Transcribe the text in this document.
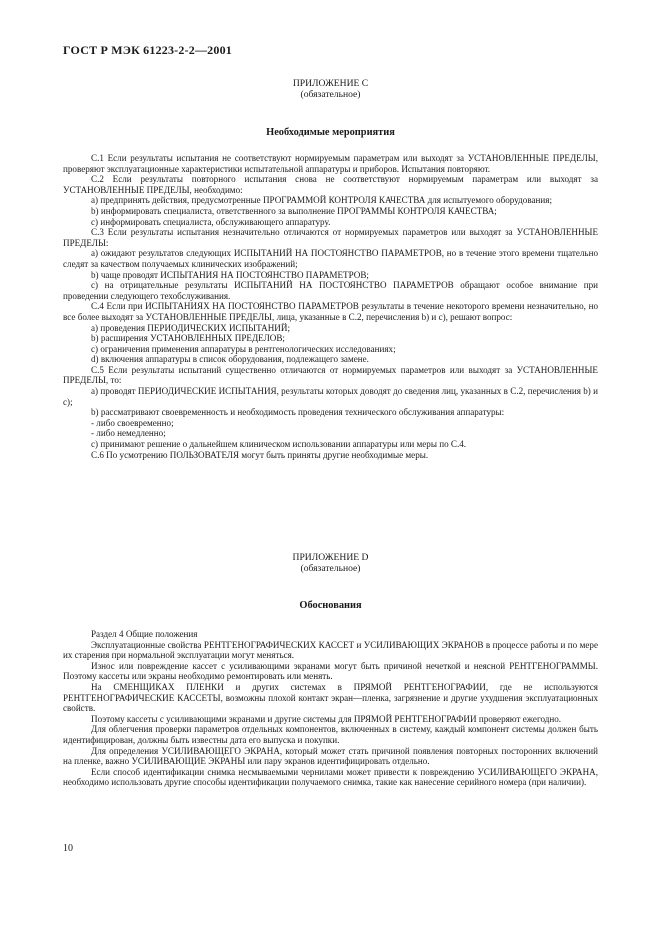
ГОСТ Р МЭК 61223-2-2—2001
ПРИЛОЖЕНИЕ С
(обязательное)
Необходимые мероприятия

С.1 Если результаты испытания не соответствуют нормируемым параметрам или выходят за УСТАНОВЛЕННЫЕ ПРЕДЕЛЫ, проверяют эксплуатационные характеристики испытательной аппаратуры и приборов. Испытания повторяют.

С.2 Если результаты повторного испытания снова не соответствуют нормируемым параметрам или выходят за УСТАНОВЛЕННЫЕ ПРЕДЕЛЫ, необходимо:

a) предпринять действия, предусмотренные ПРОГРАММОЙ КОНТРОЛЯ КАЧЕСТВА для испытуемого оборудования;

b) информировать специалиста, ответственного за выполнение ПРОГРАММЫ КОНТРОЛЯ КАЧЕСТВА;

c) информировать специалиста, обслуживающего аппаратуру.

С.3 Если результаты испытания незначительно отличаются от нормируемых параметров или выходят за УСТАНОВЛЕННЫЕ ПРЕДЕЛЫ:

a) ожидают результатов следующих ИСПЫТАНИЙ НА ПОСТОЯНСТВО ПАРАМЕТРОВ, но в течение этого времени тщательно следят за качеством получаемых клинических изображений;

b) чаще проводят ИСПЫТАНИЯ НА ПОСТОЯНСТВО ПАРАМЕТРОВ;

c) на отрицательные результаты ИСПЫТАНИЙ НА ПОСТОЯНСТВО ПАРАМЕТРОВ обращают особое внимание при проведении следующего техобслуживания.

С.4 Если при ИСПЫТАНИЯХ НА ПОСТОЯНСТВО ПАРАМЕТРОВ результаты в течение некоторого времени незначительно, но все более выходят за УСТАНОВЛЕННЫЕ ПРЕДЕЛЫ, лица, указанные в С.2, перечисления b) и с), решают вопрос:

a) проведения ПЕРИОДИЧЕСКИХ ИСПЫТАНИЙ;

b) расширения УСТАНОВЛЕННЫХ ПРЕДЕЛОВ;

c) ограничения применения аппаратуры в рентгенологических исследованиях;

d) включения аппаратуры в список оборудования, подлежащего замене.

С.5 Если результаты испытаний существенно отличаются от нормируемых параметров или выходят за УСТАНОВЛЕННЫЕ ПРЕДЕЛЫ, то:

a) проводят ПЕРИОДИЧЕСКИЕ ИСПЫТАНИЯ, результаты которых доводят до сведения лиц, указанных в С.2, перечисления b) и с);

b) рассматривают своевременность и необходимость проведения технического обслуживания аппаратуры:

- либо своевременно;

- либо немедленно;

c) принимают решение о дальнейшем клиническом использовании аппаратуры или меры по С.4.

С.6 По усмотрению ПОЛЬЗОВАТЕЛЯ могут быть приняты другие необходимые меры.

ПРИЛОЖЕНИЕ D
(обязательное)
Обоснования

Раздел 4 Общие положения

Эксплуатационные свойства РЕНТГЕНОГРАФИЧЕСКИХ КАССЕТ и УСИЛИВАЮЩИХ ЭКРАНОВ в процессе работы и по мере их старения при нормальной эксплуатации могут меняться.

Износ или повреждение кассет с усиливающими экранами могут быть причиной нечеткой и неясной РЕНТГЕНОГРАММЫ. Поэтому кассеты или экраны необходимо ремонтировать или менять.

На СМЕНЩИКАХ ПЛЕНКИ и других системах в ПРЯМОЙ РЕНТГЕНОГРАФИИ, где не используются РЕНТГЕНОГРАФИЧЕСКИЕ КАССЕТЫ, возможны плохой контакт экран—пленка, загрязнение и другие ухудшения эксплуатационных свойств.

Поэтому кассеты с усиливающими экранами и другие системы для ПРЯМОЙ РЕНТГЕНОГРАФИИ проверяют ежегодно.

Для облегчения проверки параметров отдельных компонентов, включенных в систему, каждый компонент системы должен быть идентифицирован, должны быть известны дата его выпуска и покупки.

Для определения УСИЛИВАЮЩЕГО ЭКРАНА, который может стать причиной появления повторных посторонних включений на пленке, важно УСИЛИВАЮЩИЕ ЭКРАНЫ или пару экранов идентифицировать отдельно.

Если способ идентификации снимка несмываемыми чернилами может привести к повреждению УСИЛИВАЮЩЕГО ЭКРАНА, необходимо использовать другие способы идентификации получаемого снимка, такие как нанесение серийного номера (при наличии).

10
